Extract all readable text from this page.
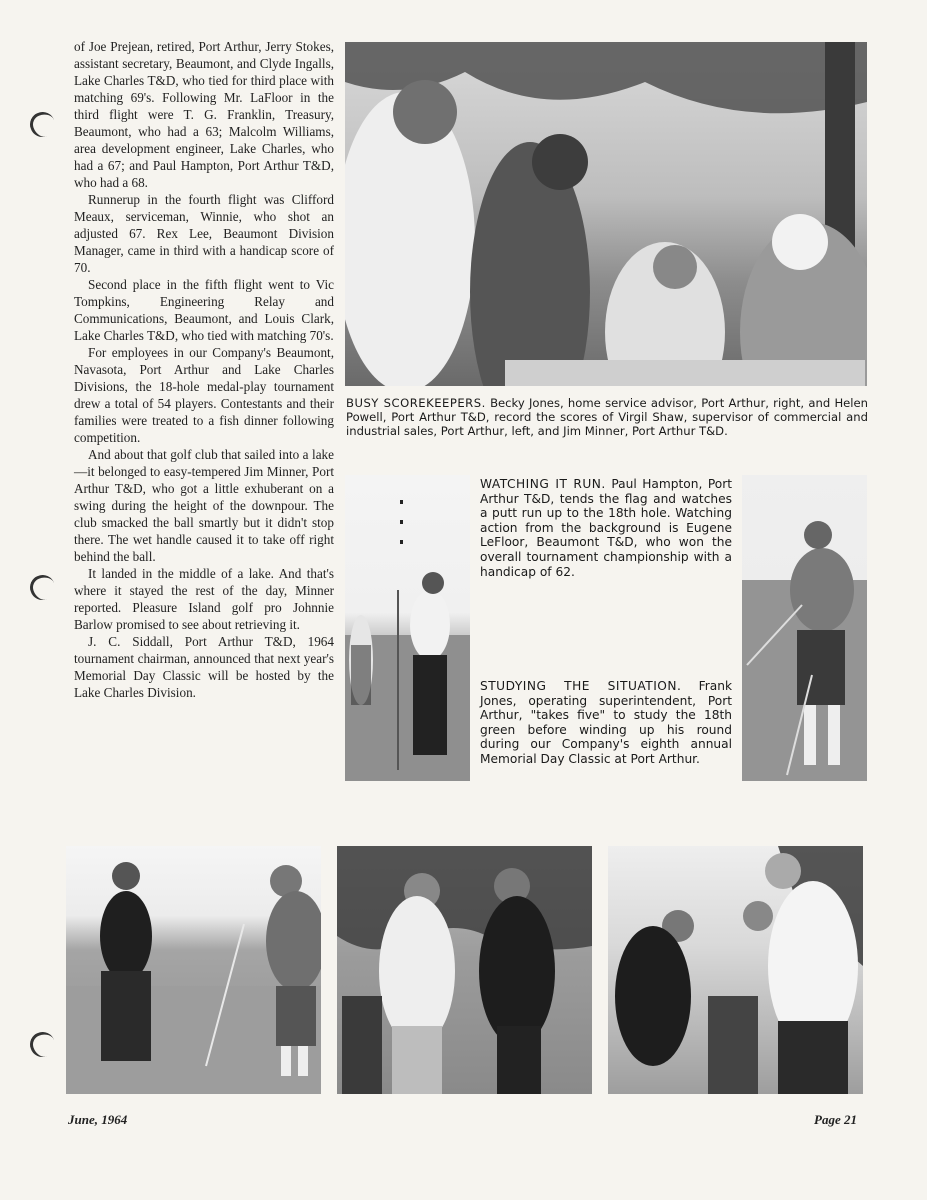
of Joe Prejean, retired, Port Arthur, Jerry Stokes, assistant secretary, Beaumont, and Clyde Ingalls, Lake Charles T&D, who tied for third place with matching 69's. Following Mr. LaFloor in the third flight were T. G. Franklin, Treasury, Beaumont, who had a 63; Malcolm Williams, area development engineer, Lake Charles, who had a 67; and Paul Hampton, Port Arthur T&D, who had a 68.

Runnerup in the fourth flight was Clifford Meaux, serviceman, Winnie, who shot an adjusted 67. Rex Lee, Beaumont Division Manager, came in third with a handicap score of 70.

Second place in the fifth flight went to Vic Tompkins, Engineering Relay and Communications, Beaumont, and Louis Clark, Lake Charles T&D, who tied with matching 70's.

For employees in our Company's Beaumont, Navasota, Port Arthur and Lake Charles Divisions, the 18-hole medal-play tournament drew a total of 54 players. Contestants and their families were treated to a fish dinner following competition.

And about that golf club that sailed into a lake—it belonged to easy-tempered Jim Minner, Port Arthur T&D, who got a little exhuberant on a swing during the height of the downpour. The club smacked the ball smartly but it didn't stop there. The wet handle caused it to take off right behind the ball.

It landed in the middle of a lake. And that's where it stayed the rest of the day, Minner reported. Pleasure Island golf pro Johnnie Barlow promised to see about retrieving it.

J. C. Siddall, Port Arthur T&D, 1964 tournament chairman, announced that next year's Memorial Day Classic will be hosted by the Lake Charles Division.

BUSY SCOREKEEPERS. Becky Jones, home service advisor, Port Arthur, right, and Helen Powell, Port Arthur T&D, record the scores of Virgil Shaw, supervisor of commercial and industrial sales, Port Arthur, left, and Jim Minner, Port Arthur T&D.
WATCHING IT RUN. Paul Hampton, Port Arthur T&D, tends the flag and watches a putt run up to the 18th hole. Watching action from the background is Eugene LeFloor, Beaumont T&D, who won the overall tournament championship with a handicap of 62.
STUDYING THE SITUATION. Frank Jones, operating superintendent, Port Arthur, "takes five" to study the 18th green before winding up his round during our Company's eighth annual Memorial Day Classic at Port Arthur.
June, 1964	Page 21
